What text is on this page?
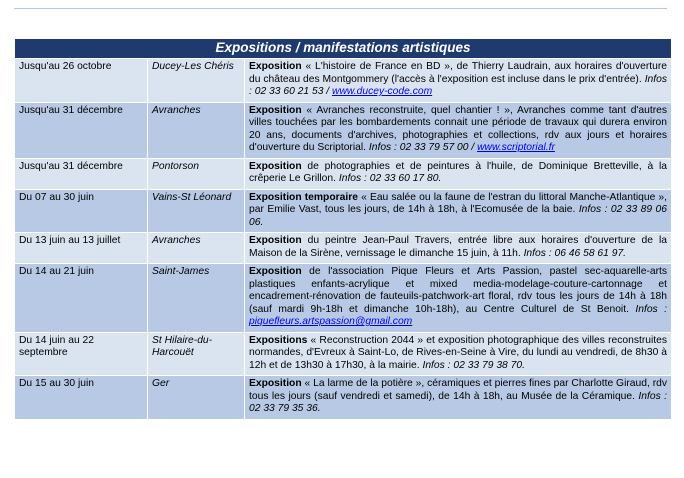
Expositions / manifestations artistiques		
Jusqu'au 26 octobre	Ducey-Les Chéris	Exposition « L'histoire de France en BD », de Thierry Laudrain, aux horaires d'ouverture du château des Montgommery (l'accès à l'exposition est incluse dans le prix d'entrée). Infos : 02 33 60 21 53 / www.ducey-code.com
Jusqu'au 31 décembre	Avranches	Exposition « Avranches reconstruite, quel chantier ! », Avranches comme tant d'autres villes touchées par les bombardements connait une période de travaux qui durera environ 20 ans, documents d'archives, photographies et collections, rdv aux jours et horaires d'ouverture du Scriptorial. Infos : 02 33 79 57 00 / www.scriptorial.fr
Jusqu'au 31 décembre	Pontorson	Exposition de photographies et de peintures à l'huile, de Dominique Bretteville, à la crêperie Le Grillon. Infos : 02 33 60 17 80.
Du 07 au 30 juin	Vains-St Léonard	Exposition temporaire « Eau salée ou la faune de l'estran du littoral Manche-Atlantique », par Emilie Vast, tous les jours, de 14h à 18h, à l'Ecomusée de la baie. Infos : 02 33 89 06 06.
Du 13 juin au 13 juillet	Avranches	Exposition du peintre Jean-Paul Travers, entrée libre aux horaires d'ouverture de la Maison de la Sirène, vernissage le dimanche 15 juin, à 11h. Infos : 06 46 58 61 97.
Du 14 au 21 juin	Saint-James	Exposition de l'association Pique Fleurs et Arts Passion, pastel sec-aquarelle-arts plastiques enfants-acrylique et mixed media-modelage-couture-cartonnage et encadrement-rénovation de fauteuils-patchwork-art floral, rdv tous les jours de 14h à 18h (sauf mardi 9h-18h et dimanche 10h-18h), au Centre Culturel de St Benoit. Infos : piquefleurs.artspassion@gmail.com
Du 14 juin au 22 septembre	St Hilaire-du-Harcouët	Expositions « Reconstruction 2044 » et exposition photographique des villes reconstruites normandes, d'Evreux à Saint-Lo, de Rives-en-Seine à Vire, du lundi au vendredi, de 8h30 à 12h et de 13h30 à 17h30, à la mairie. Infos : 02 33 79 38 70.
Du 15 au 30 juin	Ger	Exposition « La larme de la potière », céramiques et pierres fines par Charlotte Giraud, rdv tous les jours (sauf vendredi et samedi), de 14h à 18h, au Musée de la Céramique. Infos : 02 33 79 35 36.
